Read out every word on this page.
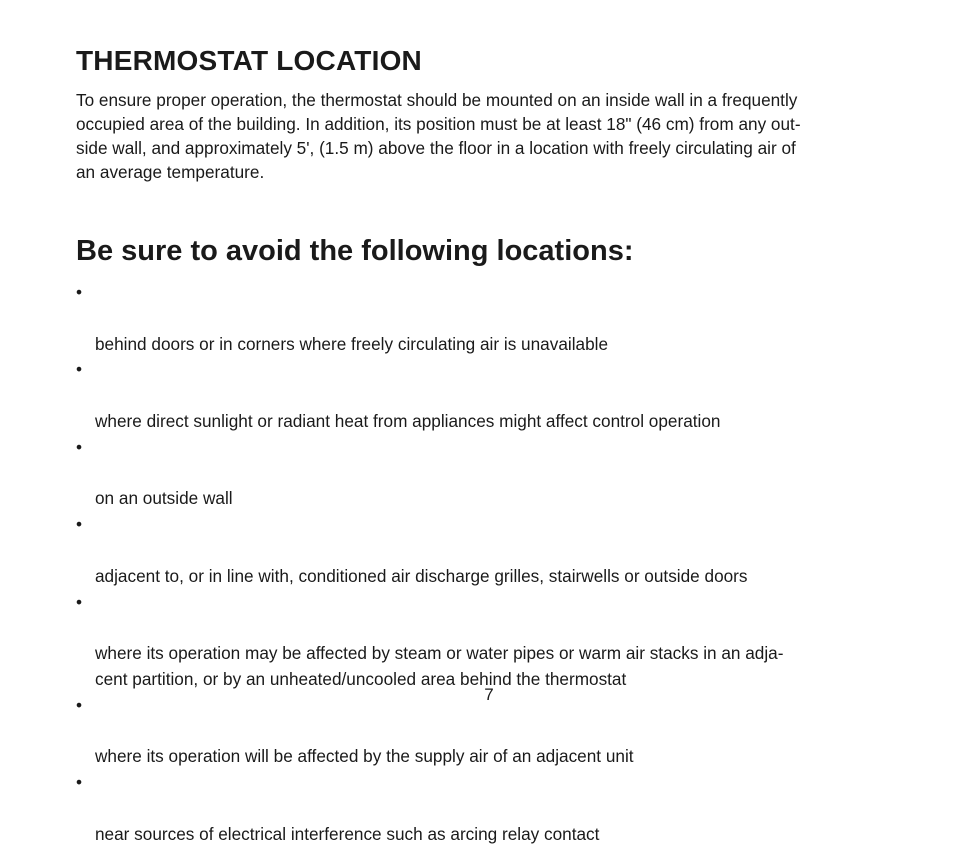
THERMOSTAT LOCATION

To ensure proper operation, the thermostat should be mounted on an inside wall in a frequently
occupied area of the building. In addition, its position must be at least 18" (46 cm) from any out-
side wall, and approximately 5', (1.5 m) above the floor in a location with freely circulating air of
an average temperature.

Be sure to avoid the following locations:

•

behind doors or in corners where freely circulating air is unavailable

•

where direct sunlight or radiant heat from appliances might affect control operation

•

on an outside wall

•

adjacent to, or in line with, conditioned air discharge grilles, stairwells or outside doors

•

where its operation may be affected by steam or water pipes or warm air stacks in an adja-
cent partition, or by an unheated/uncooled area behind the thermostat

•

where its operation will be affected by the supply air of an adjacent unit

•

near sources of electrical interference such as arcing relay contact

7
